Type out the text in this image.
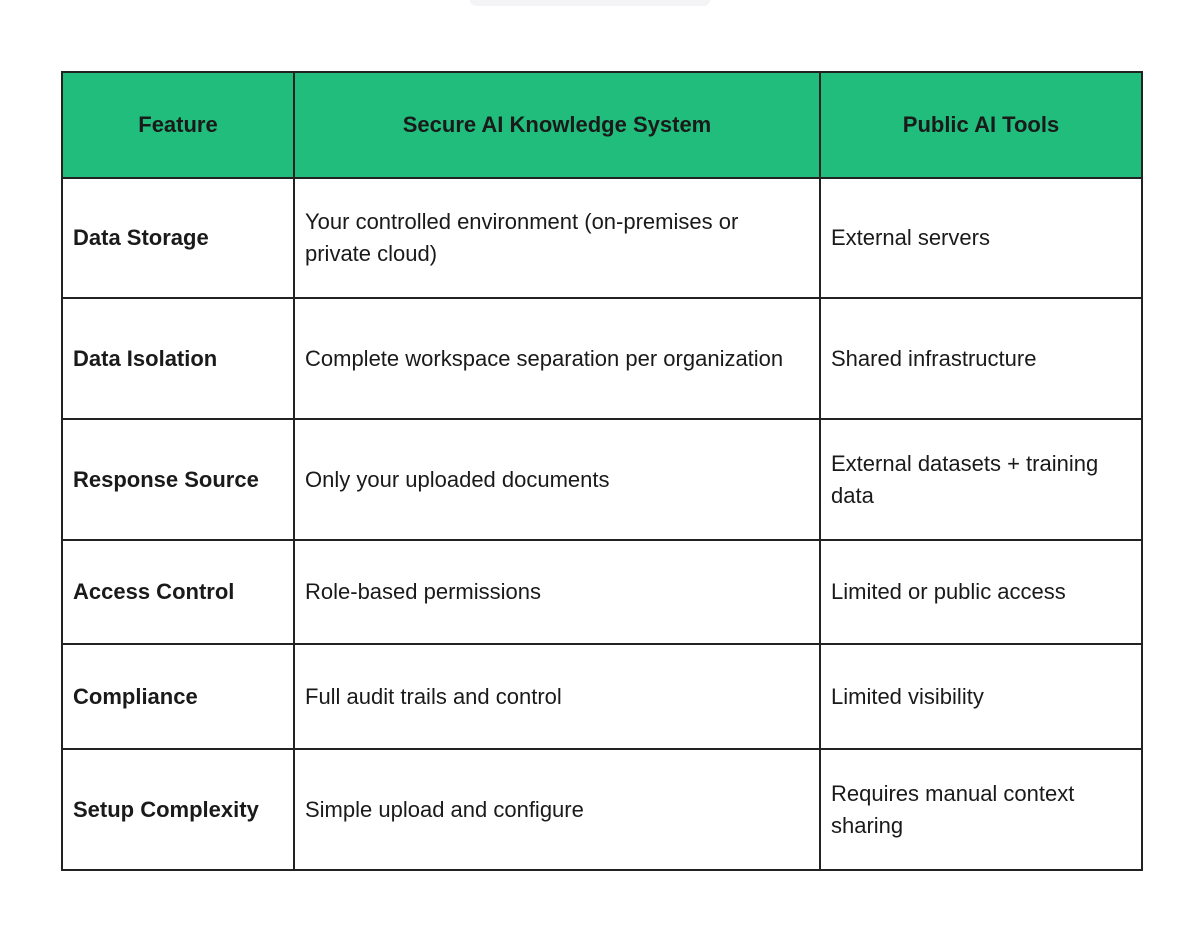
Feature	Secure AI Knowledge System	Public AI Tools
Data Storage	Your controlled environment (on-premises or private cloud)	External servers
Data Isolation	Complete workspace separation per organization	Shared infrastructure
Response Source	Only your uploaded documents	External datasets + training data
Access Control	Role-based permissions	Limited or public access
Compliance	Full audit trails and control	Limited visibility
Setup Complexity	Simple upload and configure	Requires manual context sharing
